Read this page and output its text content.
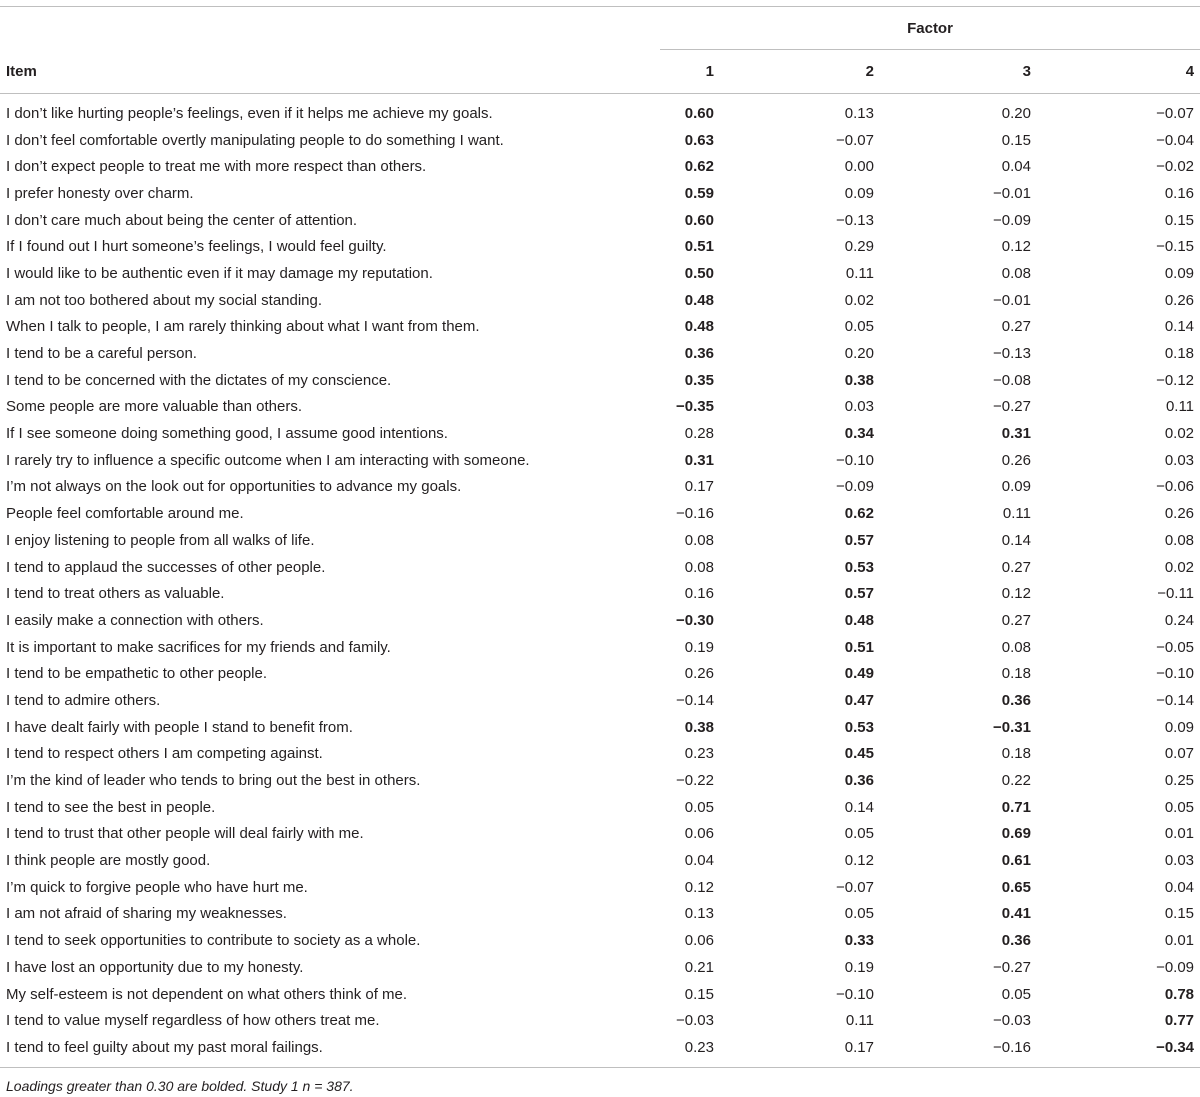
	Factor			
Item	1	2	3	4
I don’t like hurting people’s feelings, even if it helps me achieve my goals.	0.60	0.13	0.20	−0.07
I don’t feel comfortable overtly manipulating people to do something I want.	0.63	−0.07	0.15	−0.04
I don’t expect people to treat me with more respect than others.	0.62	0.00	0.04	−0.02
I prefer honesty over charm.	0.59	0.09	−0.01	0.16
I don’t care much about being the center of attention.	0.60	−0.13	−0.09	0.15
If I found out I hurt someone’s feelings, I would feel guilty.	0.51	0.29	0.12	−0.15
I would like to be authentic even if it may damage my reputation.	0.50	0.11	0.08	0.09
I am not too bothered about my social standing.	0.48	0.02	−0.01	0.26
When I talk to people, I am rarely thinking about what I want from them.	0.48	0.05	0.27	0.14
I tend to be a careful person.	0.36	0.20	−0.13	0.18
I tend to be concerned with the dictates of my conscience.	0.35	0.38	−0.08	−0.12
Some people are more valuable than others.	−0.35	0.03	−0.27	0.11
If I see someone doing something good, I assume good intentions.	0.28	0.34	0.31	0.02
I rarely try to influence a specific outcome when I am interacting with someone.	0.31	−0.10	0.26	0.03
I’m not always on the look out for opportunities to advance my goals.	0.17	−0.09	0.09	−0.06
People feel comfortable around me.	−0.16	0.62	0.11	0.26
I enjoy listening to people from all walks of life.	0.08	0.57	0.14	0.08
I tend to applaud the successes of other people.	0.08	0.53	0.27	0.02
I tend to treat others as valuable.	0.16	0.57	0.12	−0.11
I easily make a connection with others.	−0.30	0.48	0.27	0.24
It is important to make sacrifices for my friends and family.	0.19	0.51	0.08	−0.05
I tend to be empathetic to other people.	0.26	0.49	0.18	−0.10
I tend to admire others.	−0.14	0.47	0.36	−0.14
I have dealt fairly with people I stand to benefit from.	0.38	0.53	−0.31	0.09
I tend to respect others I am competing against.	0.23	0.45	0.18	0.07
I’m the kind of leader who tends to bring out the best in others.	−0.22	0.36	0.22	0.25
I tend to see the best in people.	0.05	0.14	0.71	0.05
I tend to trust that other people will deal fairly with me.	0.06	0.05	0.69	0.01
I think people are mostly good.	0.04	0.12	0.61	0.03
I’m quick to forgive people who have hurt me.	0.12	−0.07	0.65	0.04
I am not afraid of sharing my weaknesses.	0.13	0.05	0.41	0.15
I tend to seek opportunities to contribute to society as a whole.	0.06	0.33	0.36	0.01
I have lost an opportunity due to my honesty.	0.21	0.19	−0.27	−0.09
My self-esteem is not dependent on what others think of me.	0.15	−0.10	0.05	0.78
I tend to value myself regardless of how others treat me.	−0.03	0.11	−0.03	0.77
I tend to feel guilty about my past moral failings.	0.23	0.17	−0.16	−0.34
Loadings greater than 0.30 are bolded. Study 1 n = 387.
